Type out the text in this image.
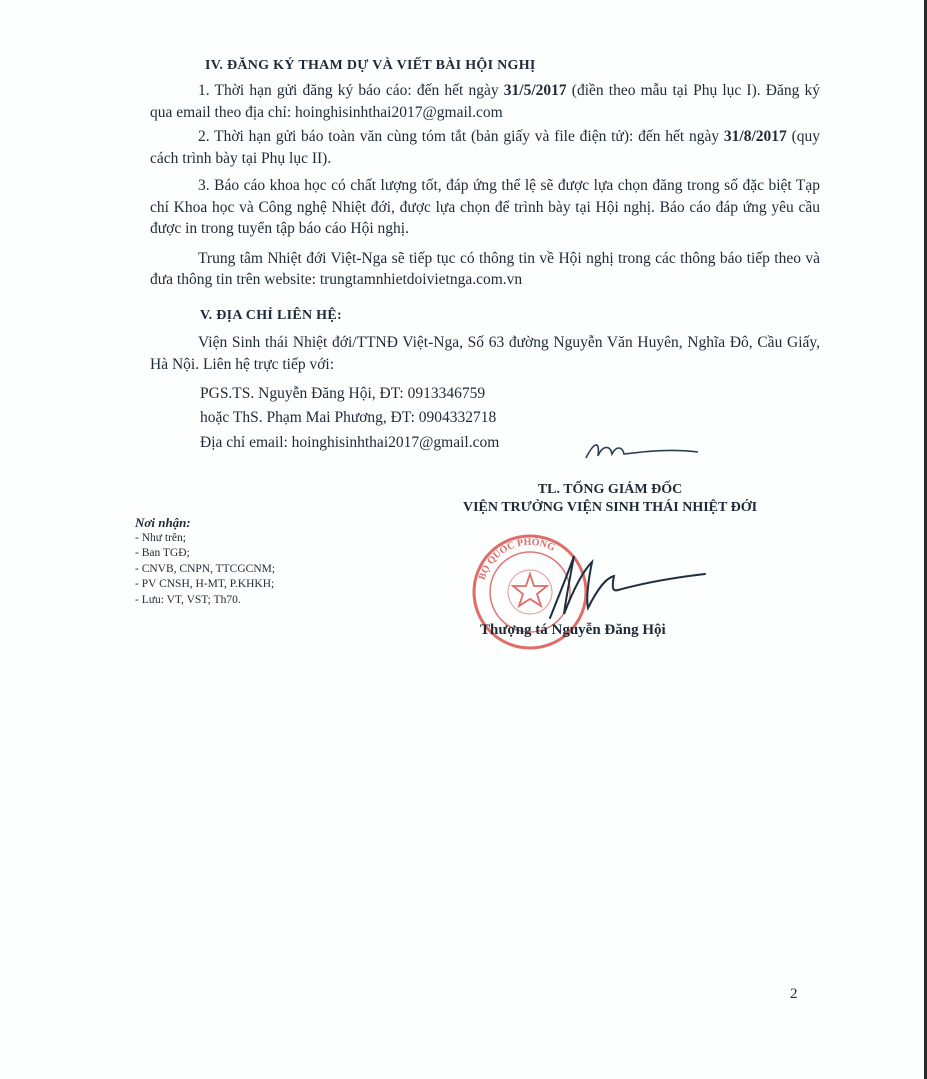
IV. ĐĂNG KÝ THAM DỰ VÀ VIẾT BÀI HỘI NGHỊ

1. Thời hạn gửi đăng ký báo cáo: đến hết ngày 31/5/2017 (điền theo mẫu tại Phụ lục I). Đăng ký qua email theo địa chỉ: hoinghisinhthai2017@gmail.com

2. Thời hạn gửi báo toàn văn cùng tóm tắt (bản giấy và file điện tử): đến hết ngày 31/8/2017 (quy cách trình bày tại Phụ lục II).

3. Báo cáo khoa học có chất lượng tốt, đáp ứng thể lệ sẽ được lựa chọn đăng trong số đặc biệt Tạp chí Khoa học và Công nghệ Nhiệt đới, được lựa chọn để trình bày tại Hội nghị. Báo cáo đáp ứng yêu cầu được in trong tuyển tập báo cáo Hội nghị.

Trung tâm Nhiệt đới Việt-Nga sẽ tiếp tục có thông tin về Hội nghị trong các thông báo tiếp theo và đưa thông tin trên website: trungtamnhietdoivietnga.com.vn

V. ĐỊA CHỈ LIÊN HỆ:

Viện Sinh thái Nhiệt đới/TTNĐ Việt-Nga, Số 63 đường Nguyễn Văn Huyên, Nghĩa Đô, Cầu Giấy, Hà Nội. Liên hệ trực tiếp với:

PGS.TS. Nguyễn Đăng Hội, ĐT: 0913346759
hoặc ThS. Phạm Mai Phương, ĐT: 0904332718
Địa chỉ email: hoinghisinhthai2017@gmail.com
Nơi nhận:
- Như trên;
- Ban TGĐ;
- CNVB, CNPN, TTCGCNM;
- PV CNSH, H-MT, P.KHKH;
- Lưu: VT, VST; Th70.
TL. TỔNG GIÁM ĐỐC
VIỆN TRƯỞNG VIỆN SINH THÁI NHIỆT ĐỚI
BỘ QUỐC PHÒNG
Thượng tá Nguyễn Đăng Hội
2
